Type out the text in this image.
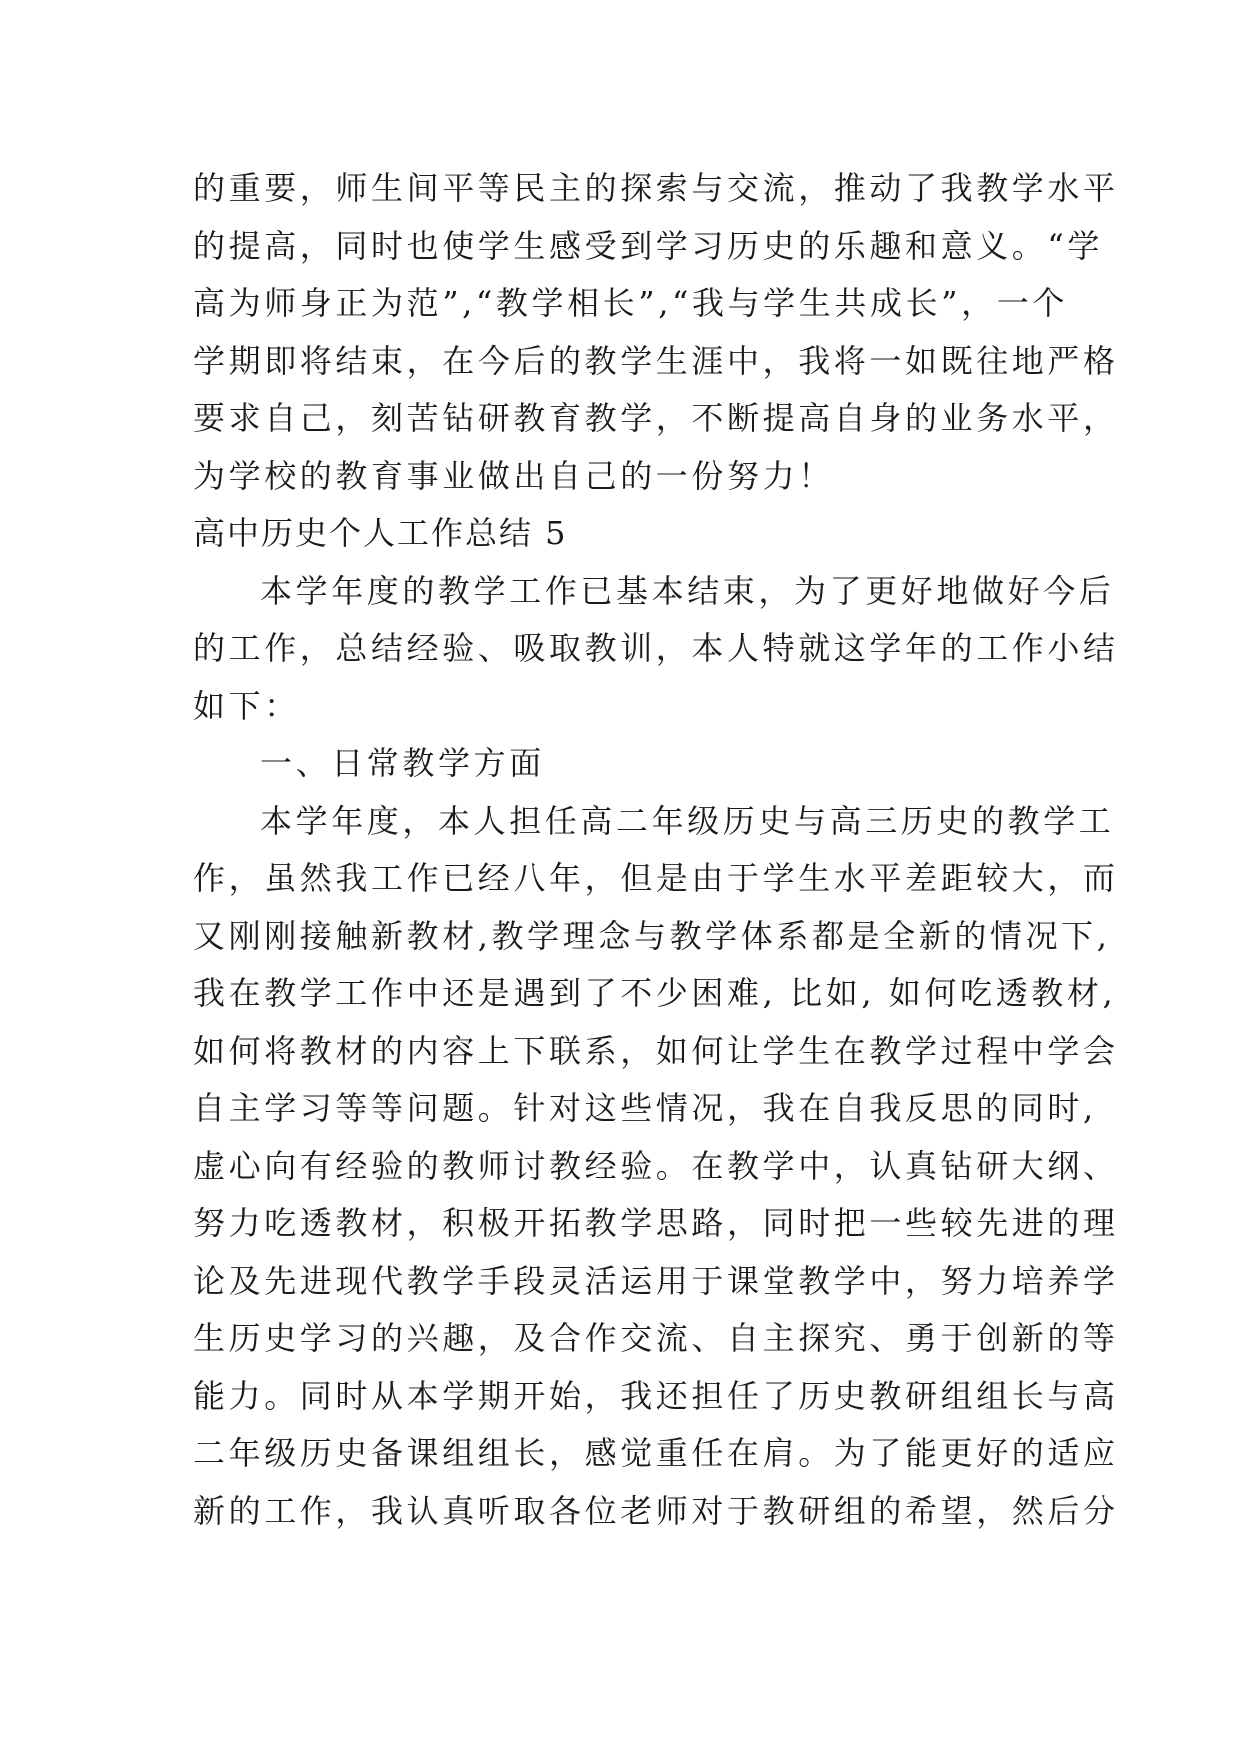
的重要，师生间平等民主的探索与交流，推动了我教学水平
的提高，同时也使学生感受到学习历史的乐趣和意义。“学
高为师身正为范”,“教学相长”,“我与学生共成长”，一个
学期即将结束，在今后的教学生涯中，我将一如既往地严格
要求自己，刻苦钻研教育教学，不断提高自身的业务水平，
为学校的教育事业做出自己的一份努力！
高中历史个人工作总结 5
本学年度的教学工作已基本结束，为了更好地做好今后
的工作，总结经验、吸取教训，本人特就这学年的工作小结
如下：
一、日常教学方面
本学年度，本人担任高二年级历史与高三历史的教学工
作，虽然我工作已经八年，但是由于学生水平差距较大，而
又刚刚接触新教材,教学理念与教学体系都是全新的情况下,
我在教学工作中还是遇到了不少困难, 比如, 如何吃透教材,
如何将教材的内容上下联系，如何让学生在教学过程中学会
自主学习等等问题。针对这些情况，我在自我反思的同时,
虚心向有经验的教师讨教经验。在教学中，认真钻研大纲、
努力吃透教材，积极开拓教学思路，同时把一些较先进的理
论及先进现代教学手段灵活运用于课堂教学中，努力培养学
生历史学习的兴趣，及合作交流、自主探究、勇于创新的等
能力。同时从本学期开始，我还担任了历史教研组组长与高
二年级历史备课组组长，感觉重任在肩。为了能更好的适应
新的工作，我认真听取各位老师对于教研组的希望，然后分
